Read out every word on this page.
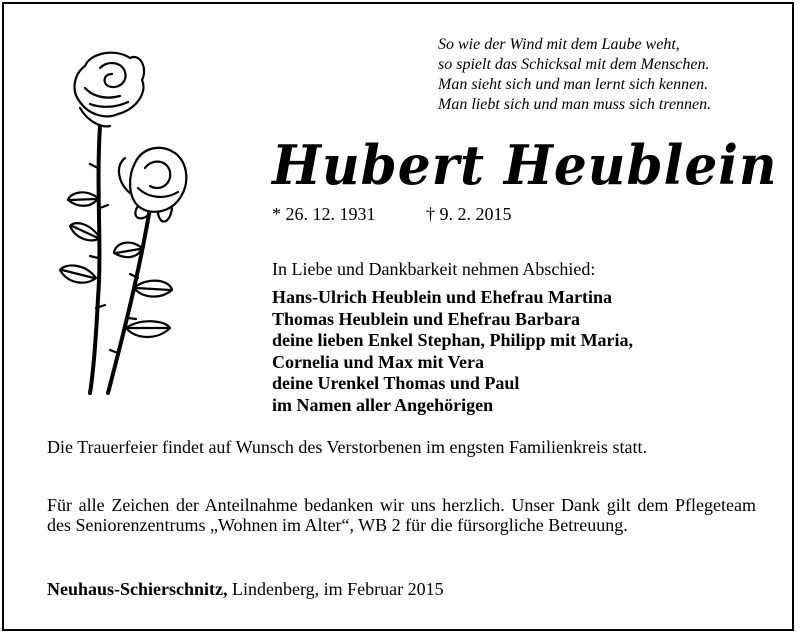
So wie der Wind mit dem Laube weht,
so spielt das Schicksal mit dem Menschen.
Man sieht sich und man lernt sich kennen.
Man liebt sich und man muss sich trennen.
Hubert Heublein
* 26. 12. 1931	† 9. 2. 2015
In Liebe und Dankbarkeit nehmen Abschied:
Hans-Ulrich Heublein und Ehefrau Martina
Thomas Heublein und Ehefrau Barbara
deine lieben Enkel Stephan, Philipp mit Maria,
Cornelia und Max mit Vera
deine Urenkel Thomas und Paul
im Namen aller Angehörigen
Die Trauerfeier findet auf Wunsch des Verstorbenen im engsten Familienkreis statt.
Für alle Zeichen der Anteilnahme bedanken wir uns herzlich. Unser Dank gilt dem Pflegeteam des Seniorenzentrums „Wohnen im Alter“, WB 2 für die fürsorgliche Betreuung.
Neuhaus-Schierschnitz, Lindenberg, im Februar 2015
